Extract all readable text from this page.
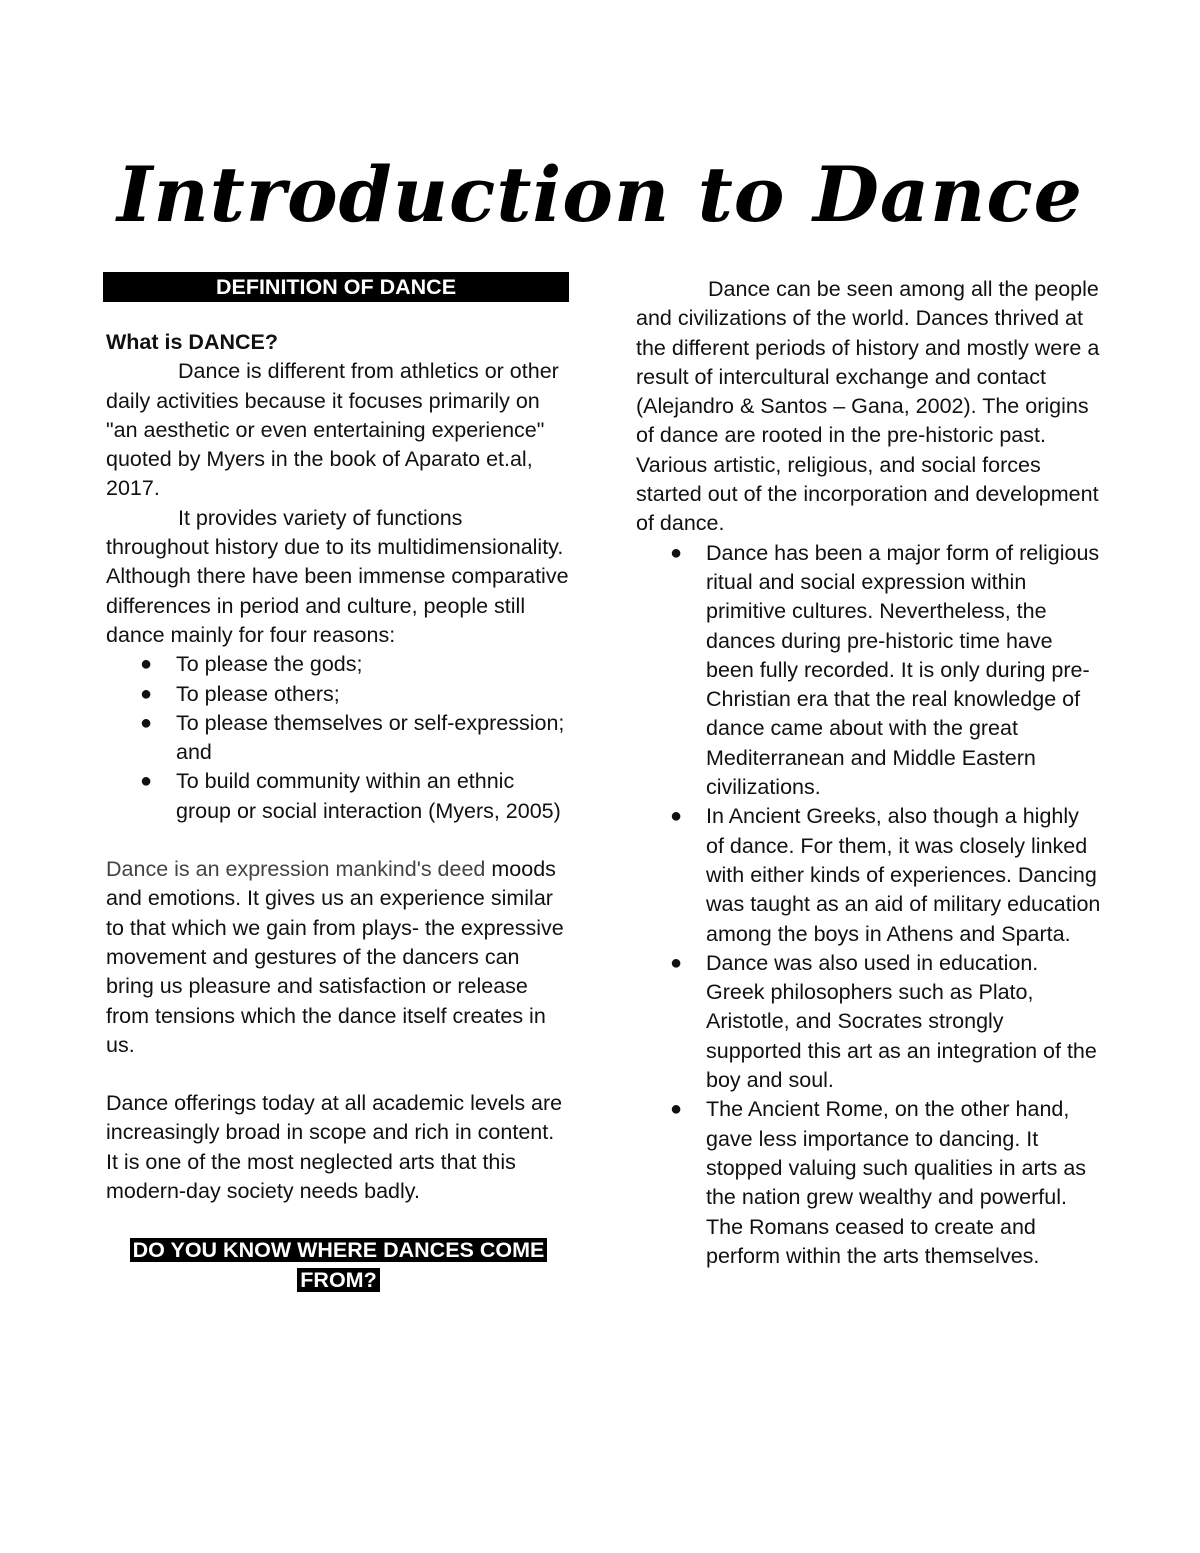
Introduction to Dance
DEFINITION OF DANCE

What is DANCE?

Dance is different from athletics or other daily activities because it focuses primarily on "an aesthetic or even entertaining experience" quoted by Myers in the book of Aparato et.al, 2017.

It provides variety of functions throughout history due to its multidimensionality. Although there have been immense comparative differences in period and culture, people still dance mainly for four reasons:

● To please the gods;
● To please others;
● To please themselves or self-expression; and
● To build community within an ethnic group or social interaction (Myers, 2005)

Dance is an expression mankind's deed moods and emotions. It gives us an experience similar to that which we gain from plays- the expressive movement and gestures of the dancers can bring us pleasure and satisfaction or release from tensions which the dance itself creates in us.

Dance offerings today at all academic levels are increasingly broad in scope and rich in content. It is one of the most neglected arts that this modern-day society needs badly.

DO YOU KNOW WHERE DANCES COME FROM?

Dance can be seen among all the people and civilizations of the world. Dances thrived at the different periods of history and mostly were a result of intercultural exchange and contact (Alejandro & Santos – Gana, 2002). The origins of dance are rooted in the pre-historic past. Various artistic, religious, and social forces started out of the incorporation and development of dance.

● Dance has been a major form of religious ritual and social expression within primitive cultures. Nevertheless, the dances during pre-historic time have been fully recorded. It is only during pre-Christian era that the real knowledge of dance came about with the great Mediterranean and Middle Eastern civilizations.
● In Ancient Greeks, also though a highly of dance. For them, it was closely linked with either kinds of experiences. Dancing was taught as an aid of military education among the boys in Athens and Sparta.
● Dance was also used in education. Greek philosophers such as Plato, Aristotle, and Socrates strongly supported this art as an integration of the boy and soul.
● The Ancient Rome, on the other hand, gave less importance to dancing. It stopped valuing such qualities in arts as the nation grew wealthy and powerful. The Romans ceased to create and perform within the arts themselves.
